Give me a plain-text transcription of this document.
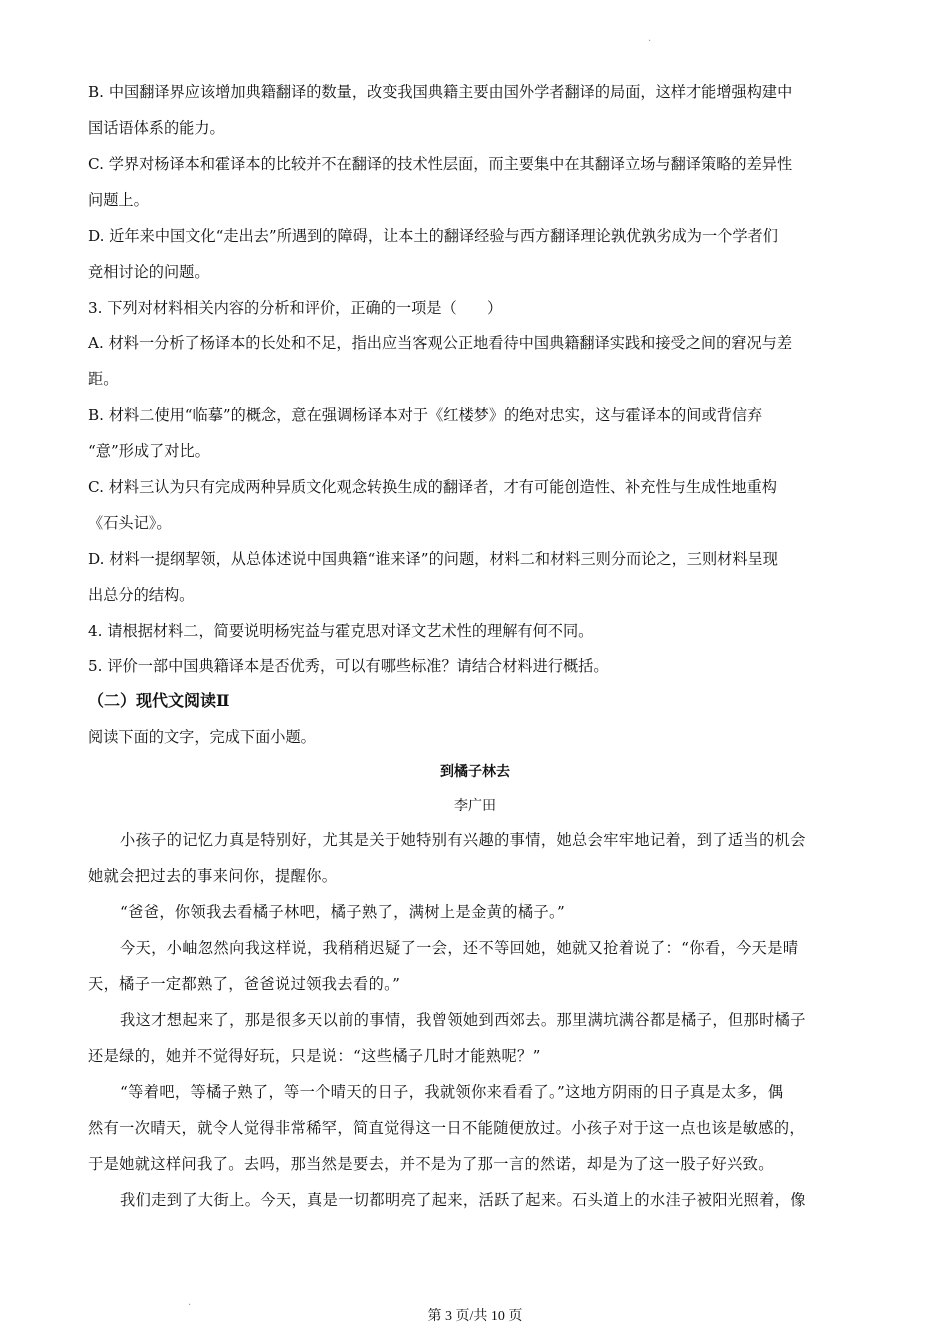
·
·
B. 中国翻译界应该增加典籍翻译的数量，改变我国典籍主要由国外学者翻译的局面，这样才能增强构建中
国话语体系的能力。
C. 学界对杨译本和霍译本的比较并不在翻译的技术性层面，而主要集中在其翻译立场与翻译策略的差异性
问题上。
D. 近年来中国文化“走出去”所遇到的障碍，让本土的翻译经验与西方翻译理论孰优孰劣成为一个学者们
竞相讨论的问题。
3. 下列对材料相关内容的分析和评价，正确的一项是（　　）
A. 材料一分析了杨译本的长处和不足，指出应当客观公正地看待中国典籍翻译实践和接受之间的窘况与差
距。
B. 材料二使用“临摹”的概念，意在强调杨译本对于《红楼梦》的绝对忠实，这与霍译本的间或背信弃
“意”形成了对比。
C. 材料三认为只有完成两种异质文化观念转换生成的翻译者，才有可能创造性、补充性与生成性地重构
《石头记》。
D. 材料一提纲挈领，从总体述说中国典籍“谁来译”的问题，材料二和材料三则分而论之，三则材料呈现
出总分的结构。
4. 请根据材料二，简要说明杨宪益与霍克思对译文艺术性的理解有何不同。
5. 评价一部中国典籍译本是否优秀，可以有哪些标准？请结合材料进行概括。
（二）现代文阅读Ⅱ
阅读下面的文字，完成下面小题。
到橘子林去
李广田
小孩子的记忆力真是特别好，尤其是关于她特别有兴趣的事情，她总会牢牢地记着，到了适当的机会
她就会把过去的事来问你，提醒你。
“爸爸，你领我去看橘子林吧，橘子熟了，满树上是金黄的橘子。”
今天，小岫忽然向我这样说，我稍稍迟疑了一会，还不等回她，她就又抢着说了：“你看，今天是晴
天，橘子一定都熟了，爸爸说过领我去看的。”
我这才想起来了，那是很多天以前的事情，我曾领她到西郊去。那里满坑满谷都是橘子，但那时橘子
还是绿的，她并不觉得好玩，只是说：“这些橘子几时才能熟呢？”
“等着吧，等橘子熟了，等一个晴天的日子，我就领你来看看了。”这地方阴雨的日子真是太多，偶
然有一次晴天，就令人觉得非常稀罕，简直觉得这一日不能随便放过。小孩子对于这一点也该是敏感的，
于是她就这样问我了。去吗，那当然是要去，并不是为了那一言的然诺，却是为了这一股子好兴致。
我们走到了大街上。今天，真是一切都明亮了起来，活跃了起来。石头道上的水洼子被阳光照着，像
第 3 页/共 10 页
